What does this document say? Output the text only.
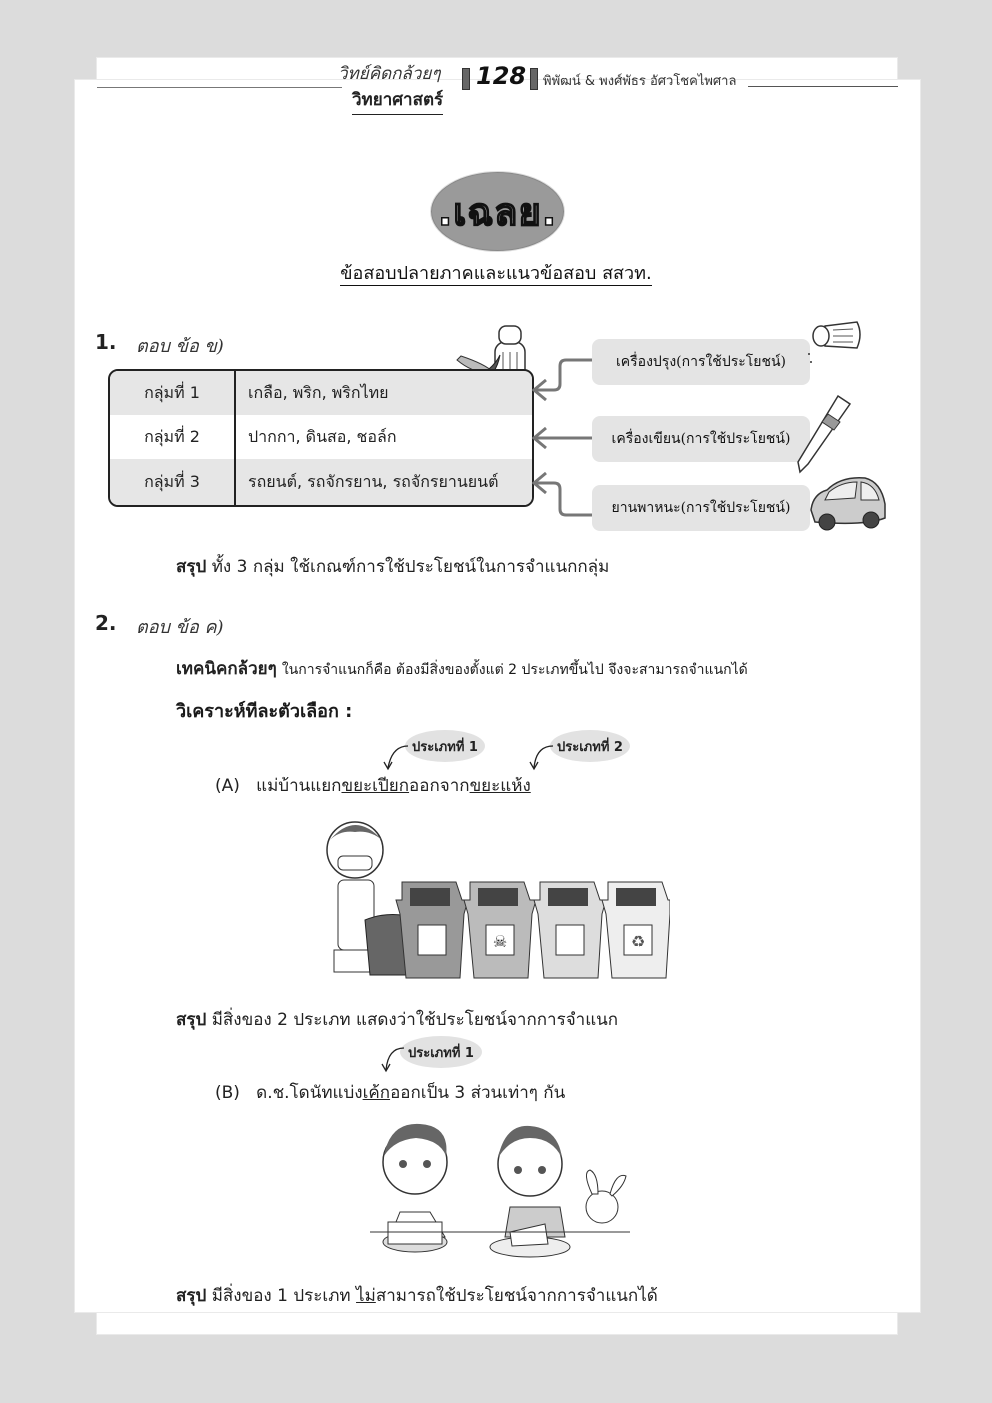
วิทย์คิดกล้วยๆ
วิทยาศาสตร์
128 พิพัฒน์ & พงศ์พัธร อัศวโชคไพศาล
.เฉลย.
ข้อสอบปลายภาคและแนวข้อสอบ สสวท.
1. ตอบ ข้อ ข)
กลุ่มที่ 1	เกลือ, พริก, พริกไทย
กลุ่มที่ 2	ปากกา, ดินสอ, ชอล์ก
กลุ่มที่ 3	รถยนต์, รถจักรยาน, รถจักรยานยนต์
เครื่องปรุง(การใช้ประโยชน์)
เครื่องเขียน(การใช้ประโยชน์)
ยานพาหนะ(การใช้ประโยชน์)
สรุป ทั้ง 3 กลุ่ม ใช้เกณฑ์การใช้ประโยชน์ในการจำแนกกลุ่ม
2. ตอบ ข้อ ค)
เทคนิคกล้วยๆ ในการจำแนกก็คือ ต้องมีสิ่งของตั้งแต่ 2 ประเภทขึ้นไป จึงจะสามารถจำแนกได้
วิเคราะห์ทีละตัวเลือก :
ประเภทที่ 1	ประเภทที่ 2
(A) แม่บ้านแยกขยะเปียกออกจากขยะแห้ง
☠	♻
สรุป มีสิ่งของ 2 ประเภท แสดงว่าใช้ประโยชน์จากการจำแนก
ประเภทที่ 1
(B) ด.ช.โดนัทแบ่งเค้กออกเป็น 3 ส่วนเท่าๆ กัน
สรุป มีสิ่งของ 1 ประเภท ไม่สามารถใช้ประโยชน์จากการจำแนกได้
